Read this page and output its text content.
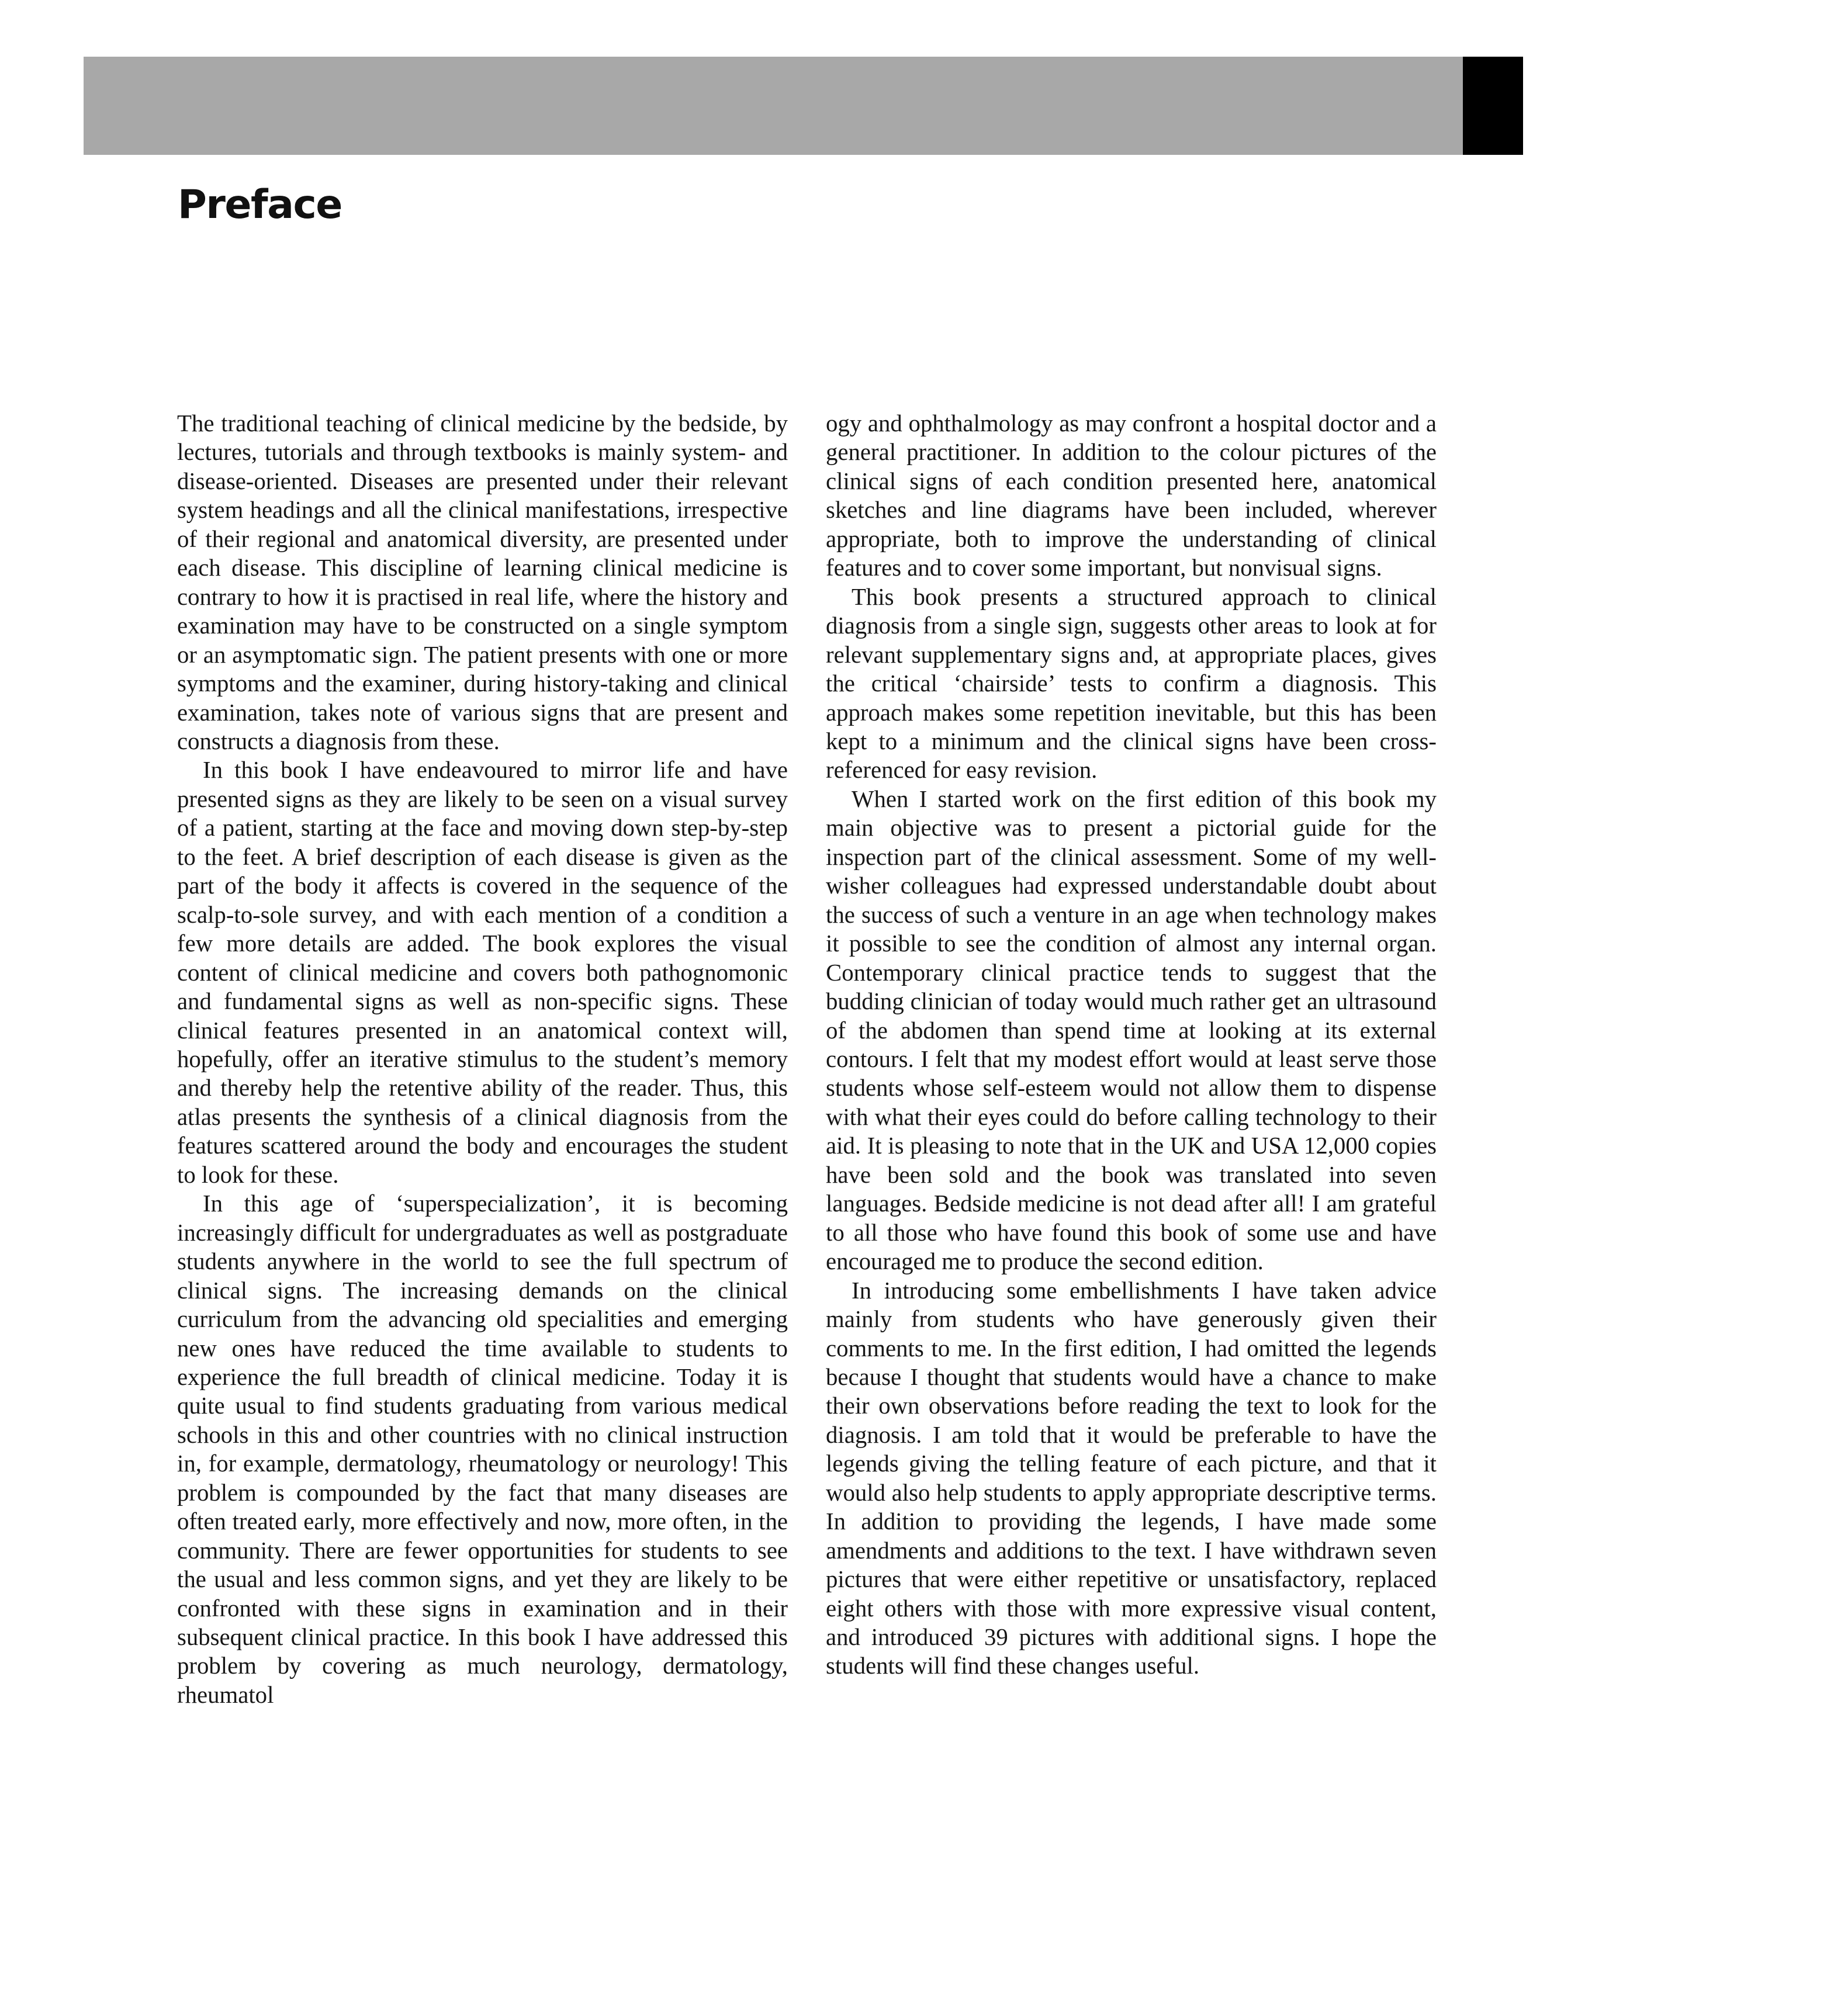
Preface

The traditional teaching of clinical medicine by the bedside, by lectures, tutorials and through textbooks is mainly system- and disease-oriented. Diseases are presented under their relevant system headings and all the clinical manifestations, irrespective of their regional and anatomical diversity, are presented under each disease. This discipline of learning clinical medicine is contrary to how it is practised in real life, where the history and examination may have to be constructed on a single symptom or an asymptomatic sign. The patient presents with one or more symptoms and the examiner, during history-taking and clinical examination, takes note of various signs that are present and constructs a diagnosis from these.

In this book I have endeavoured to mirror life and have presented signs as they are likely to be seen on a visual survey of a patient, starting at the face and moving down step-by-step to the feet. A brief description of each disease is given as the part of the body it affects is covered in the sequence of the scalp-to-sole survey, and with each mention of a condition a few more details are added. The book explores the visual content of clinical medicine and covers both pathognomonic and fundamental signs as well as non-specific signs. These clinical features presented in an anatomical context will, hopefully, offer an iterative stimulus to the student’s memory and thereby help the retentive ability of the reader. Thus, this atlas presents the synthesis of a clinical diagnosis from the features scattered around the body and encourages the student to look for these.

In this age of ‘superspecialization’, it is becoming increasingly difficult for undergraduates as well as postgraduate students anywhere in the world to see the full spectrum of clinical signs. The increasing demands on the clinical curriculum from the advancing old specialities and emerging new ones have reduced the time available to students to experience the full breadth of clinical medicine. Today it is quite usual to find students graduating from various medical schools in this and other countries with no clinical instruction in, for example, dermatology, rheumatology or neurology! This problem is compounded by the fact that many diseases are often treated early, more effectively and now, more often, in the community. There are fewer opportunities for students to see the usual and less common signs, and yet they are likely to be confronted with these signs in examination and in their subsequent clinical practice. In this book I have addressed this problem by covering as much neurology, dermatology, rheumatol

ogy and ophthalmology as may confront a hospital doctor and a general practitioner. In addition to the colour pictures of the clinical signs of each condition presented here, anatomical sketches and line diagrams have been included, wherever appropriate, both to improve the understanding of clinical features and to cover some important, but nonvisual signs.

This book presents a structured approach to clinical diagnosis from a single sign, suggests other areas to look at for relevant supplementary signs and, at appropriate places, gives the critical ‘chairside’ tests to confirm a diagnosis. This approach makes some repetition inevitable, but this has been kept to a minimum and the clinical signs have been cross-referenced for easy revision.

When I started work on the first edition of this book my main objective was to present a pictorial guide for the inspection part of the clinical assessment. Some of my well-wisher colleagues had expressed understandable doubt about the success of such a venture in an age when technology makes it possible to see the condition of almost any internal organ. Contemporary clinical practice tends to suggest that the budding clinician of today would much rather get an ultrasound of the abdomen than spend time at looking at its external contours. I felt that my modest effort would at least serve those students whose self-esteem would not allow them to dispense with what their eyes could do before calling technology to their aid. It is pleasing to note that in the UK and USA 12,000 copies have been sold and the book was translated into seven languages. Bedside medicine is not dead after all! I am grateful to all those who have found this book of some use and have encouraged me to produce the second edition.

In introducing some embellishments I have taken advice mainly from students who have generously given their comments to me. In the first edition, I had omitted the legends because I thought that students would have a chance to make their own observations before reading the text to look for the diagnosis. I am told that it would be preferable to have the legends giving the telling feature of each picture, and that it would also help students to apply appropriate descriptive terms. In addition to providing the legends, I have made some amendments and additions to the text. I have withdrawn seven pictures that were either repetitive or unsatisfactory, replaced eight others with those with more expressive visual content, and introduced 39 pictures with additional signs. I hope the students will find these changes useful.
